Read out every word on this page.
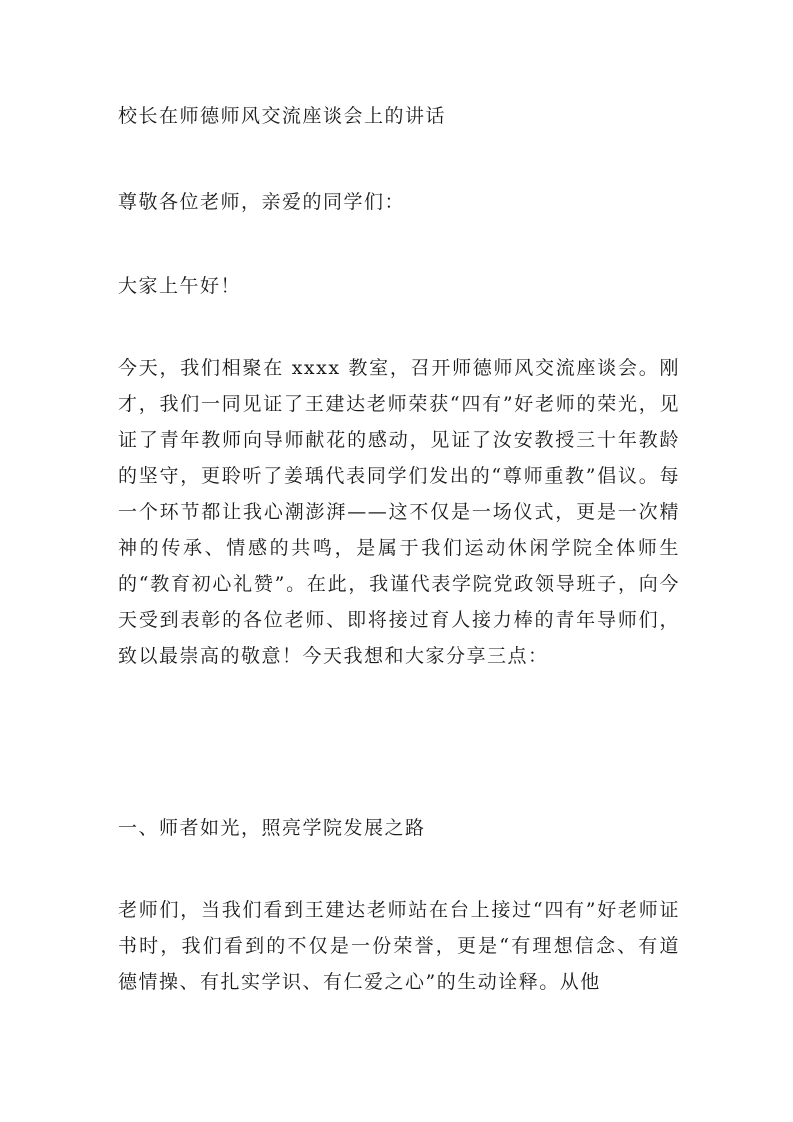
校长在师德师风交流座谈会上的讲话

尊敬各位老师，亲爱的同学们：

大家上午好！

今天，我们相聚在 xxxx 教室，召开师德师风交流座谈会。刚才，我们一同见证了王建达老师荣获“四有”好老师的荣光，见证了青年教师向导师献花的感动，见证了汝安教授三十年教龄的坚守，更聆听了姜瑀代表同学们发出的“尊师重教”倡议。每一个环节都让我心潮澎湃——这不仅是一场仪式，更是一次精神的传承、情感的共鸣，是属于我们运动休闲学院全体师生的“教育初心礼赞”。在此，我谨代表学院党政领导班子，向今天受到表彰的各位老师、即将接过育人接力棒的青年导师们，致以最崇高的敬意！今天我想和大家分享三点：

一、师者如光，照亮学院发展之路

老师们，当我们看到王建达老师站在台上接过“四有”好老师证书时，我们看到的不仅是一份荣誉，更是“有理想信念、有道德情操、有扎实学识、有仁爱之心”的生动诠释。从他
